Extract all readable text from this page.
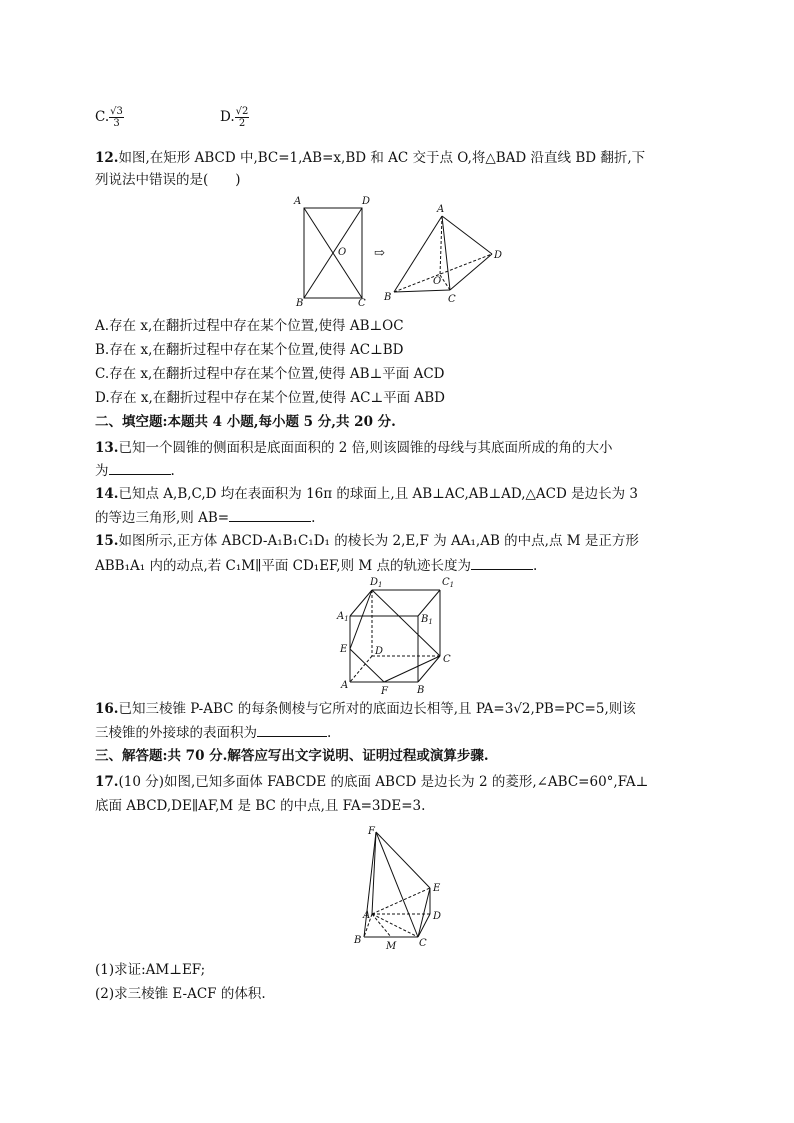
C. $\frac{√3}{3}$	D. $\frac{√2}{2}$
12.如图,在矩形 ABCD 中,BC=1,AB=x,BD 和 AC 交于点 O,将△BAD 沿直线 BD 翻折,下
列说法中错误的是(　　)
A	D
B	C
O ⇨
A
D
B	C
O
A.存在 x,在翻折过程中存在某个位置,使得 AB⊥OC
B.存在 x,在翻折过程中存在某个位置,使得 AC⊥BD
C.存在 x,在翻折过程中存在某个位置,使得 AB⊥平面 ACD
D.存在 x,在翻折过程中存在某个位置,使得 AC⊥平面 ABD
二、填空题:本题共 4 小题,每小题 5 分,共 20 分.
13.已知一个圆锥的侧面积是底面面积的 2 倍,则该圆锥的母线与其底面所成的角的大小
为	.
14.已知点 A,B,C,D 均在表面积为 16π 的球面上,且 AB⊥AC,AB⊥AD,△ACD 是边长为 3
的等边三角形,则 AB=	.
15.如图所示,正方体 ABCD-A₁B₁C₁D₁ 的棱长为 2,E,F 为 AA₁,AB 的中点,点 M 是正方形
ABB₁A₁ 内的动点,若 C₁M∥平面 CD₁EF,则 M 点的轨迹长度为	.
$D_1$	$C_1$
$A_1$	$B_1$
E	D
C
A
F	B
16.已知三棱锥 P-ABC 的每条侧棱与它所对的底面边长相等,且 PA=3√2,PB=PC=5,则该
三棱锥的外接球的表面积为	.
三、解答题:共 70 分.解答应写出文字说明、证明过程或演算步骤.
17.(10 分)如图,已知多面体 FABCDE 的底面 ABCD 是边长为 2 的菱形,∠ABC=60°,FA⊥
底面 ABCD,DE∥AF,M 是 BC 的中点,且 FA=3DE=3.
F
E
A	D
B
M C
(1)求证:AM⊥EF;
(2)求三棱锥 E-ACF 的体积.
